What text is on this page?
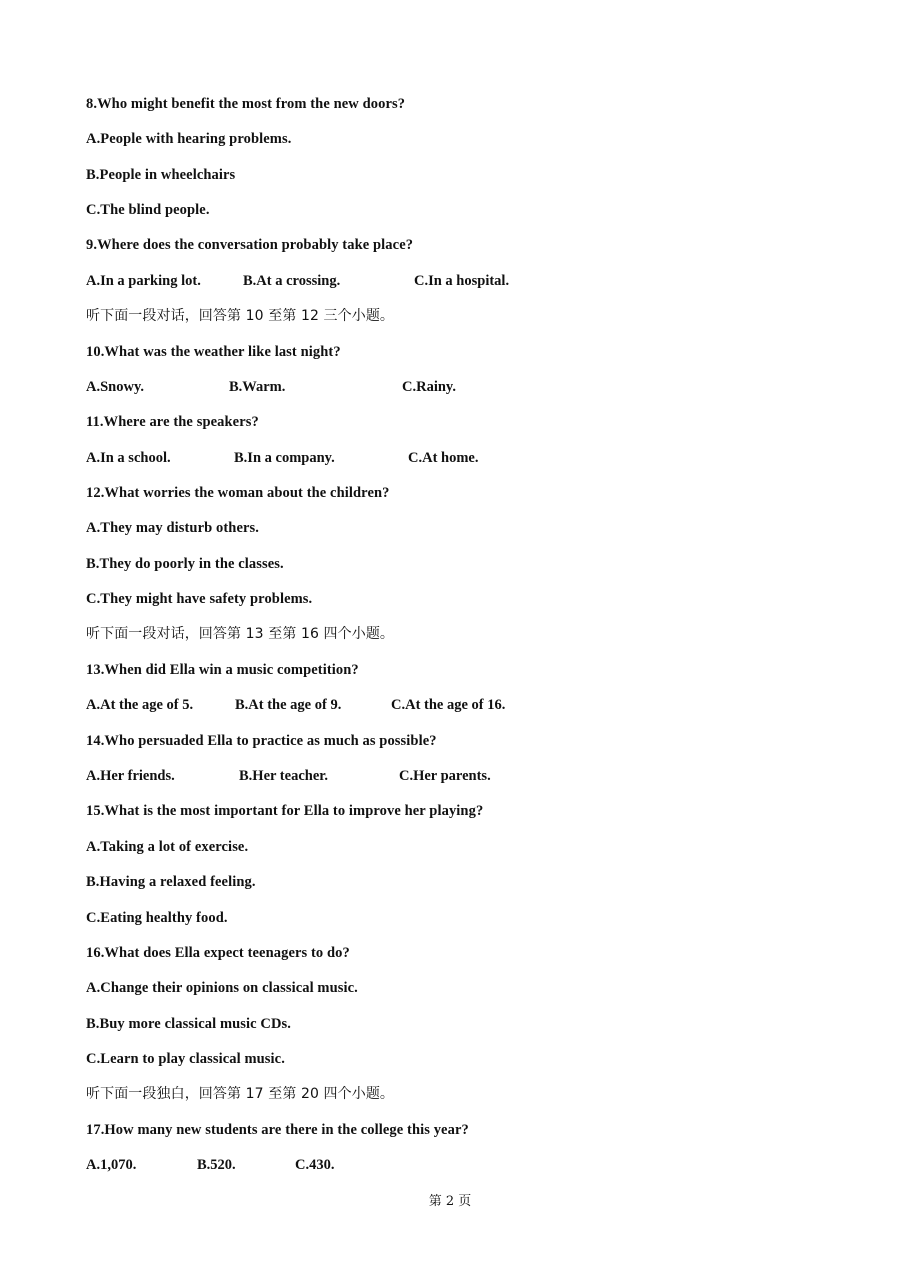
8.Who might benefit the most from the new doors?
A.People with hearing problems.
B.People in wheelchairs
C.The blind people.
9.Where does the conversation probably take place?
A.In a parking lot.	B.At a crossing.	C.In a hospital.
听下面一段对话，回答第 10 至第 12 三个小题。
10.What was the weather like last night?
A.Snowy.	B.Warm.	C.Rainy.
11.Where are the speakers?
A.In a school.	B.In a company.	C.At home.
12.What worries the woman about the children?
A.They may disturb others.
B.They do poorly in the classes.
C.They might have safety problems.
听下面一段对话，回答第 13 至第 16 四个小题。
13.When did Ella win a music competition?
A.At the age of 5.	B.At the age of 9.	C.At the age of 16.
14.Who persuaded Ella to practice as much as possible?
A.Her friends.	B.Her teacher.	C.Her parents.
15.What is the most important for Ella to improve her playing?
A.Taking a lot of exercise.
B.Having a relaxed feeling.
C.Eating healthy food.
16.What does Ella expect teenagers to do?
A.Change their opinions on classical music.
B.Buy more classical music CDs.
C.Learn to play classical music.
听下面一段独白，回答第 17 至第 20 四个小题。
17.How many new students are there in the college this year?
A.1,070.	B.520.	C.430.
第 2 页
